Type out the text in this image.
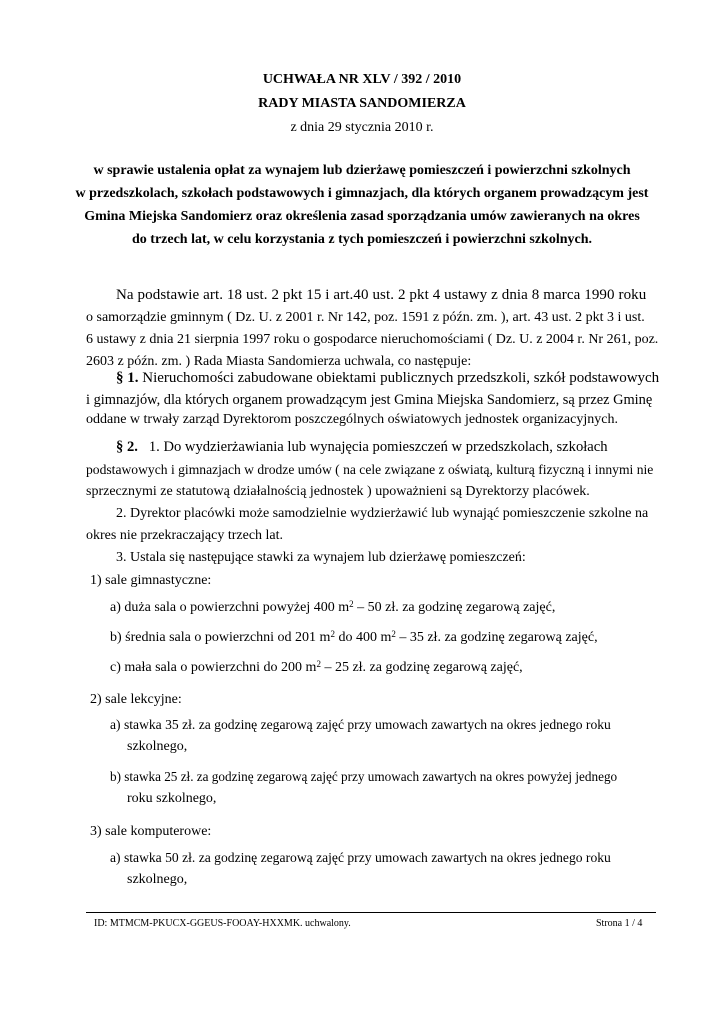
UCHWAŁA NR XLV / 392 / 2010
RADY MIASTA SANDOMIERZA
z dnia 29 stycznia 2010 r.
w sprawie ustalenia opłat za wynajem lub dzierżawę pomieszczeń i powierzchni szkolnych
w przedszkolach, szkołach podstawowych i gimnazjach, dla których organem prowadzącym jest
Gmina Miejska Sandomierz oraz określenia zasad sporządzania umów zawieranych na okres
do trzech lat, w celu korzystania z tych pomieszczeń i powierzchni szkolnych.
Na podstawie art. 18 ust. 2 pkt 15 i art.40 ust. 2 pkt 4 ustawy z dnia 8 marca 1990 roku
o samorządzie gminnym ( Dz. U. z 2001 r. Nr 142, poz. 1591 z późn. zm. ), art. 43 ust. 2 pkt 3 i ust.
6 ustawy z dnia 21 sierpnia 1997 roku o gospodarce nieruchomościami ( Dz. U. z 2004 r. Nr 261, poz.
2603 z późn. zm. ) Rada Miasta Sandomierza uchwala, co następuje:
§ 1. Nieruchomości zabudowane obiektami publicznych przedszkoli, szkół podstawowych
i gimnazjów, dla których organem prowadzącym jest Gmina Miejska Sandomierz, są przez Gminę
oddane w trwały zarząd Dyrektorom poszczególnych oświatowych jednostek organizacyjnych.
§ 2. 1. Do wydzierżawiania lub wynajęcia pomieszczeń w przedszkolach, szkołach
podstawowych i gimnazjach w drodze umów ( na cele związane z oświatą, kulturą fizyczną i innymi nie
sprzecznymi ze statutową działalnością jednostek ) upoważnieni są Dyrektorzy placówek.
2. Dyrektor placówki może samodzielnie wydzierżawić lub wynająć pomieszczenie szkolne na
okres nie przekraczający trzech lat.
3. Ustala się następujące stawki za wynajem lub dzierżawę pomieszczeń:
1) sale gimnastyczne:
a) duża sala o powierzchni powyżej 400 $m^2 - 50$ zł. za godzinę zegarową zajęć,
b) średnia sala o powierzchni od 201 $m^2$ do 400 $m^2 - 35$ zł. za godzinę zegarową zajęć,
c) mała sala o powierzchni do 200 $m^2 - 25$ zł. za godzinę zegarową zajęć,
2) sale lekcyjne:
a) stawka 35 zł. za godzinę zegarową zajęć przy umowach zawartych na okres jednego roku
szkolnego,
b) stawka 25 zł. za godzinę zegarową zajęć przy umowach zawartych na okres powyżej jednego
roku szkolnego,
3) sale komputerowe:
a) stawka 50 zł. za godzinę zegarową zajęć przy umowach zawartych na okres jednego roku
szkolnego,
ID: MTMCM-PKUCX-GGEUS-FOOAY-HXXMK. uchwalony.	Strona 1 / 4
